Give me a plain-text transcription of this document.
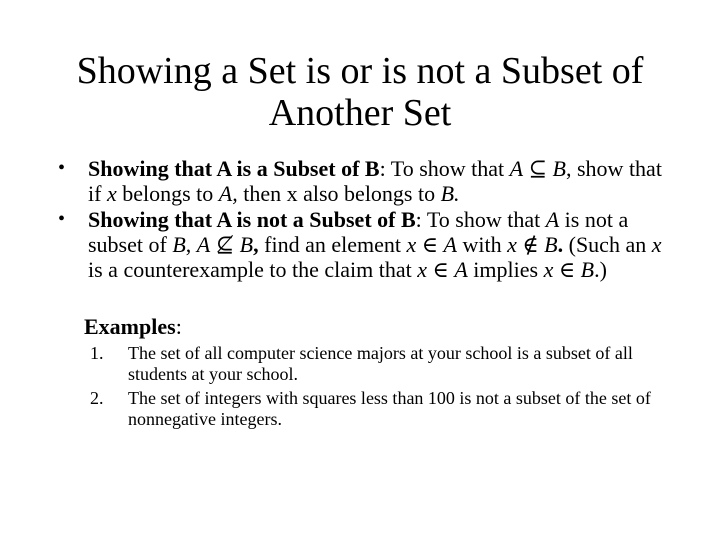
Showing a Set is or is not a Subset of Another Set
• Showing that A is a Subset of B: To show that A ⊆ B, show that if x belongs to A, then x also belongs to B.
• Showing that A is not a Subset of B: To show that A is not a subset of B, A ⊈ B, find an element x ∈ A with x ∉ B. (Such an x is a counterexample to the claim that x ∈ A implies x ∈ B.)
Examples:
1. The set of all computer science majors at your school is a subset of all students at your school.
2. The set of integers with squares less than 100 is not a subset of the set of nonnegative integers.
